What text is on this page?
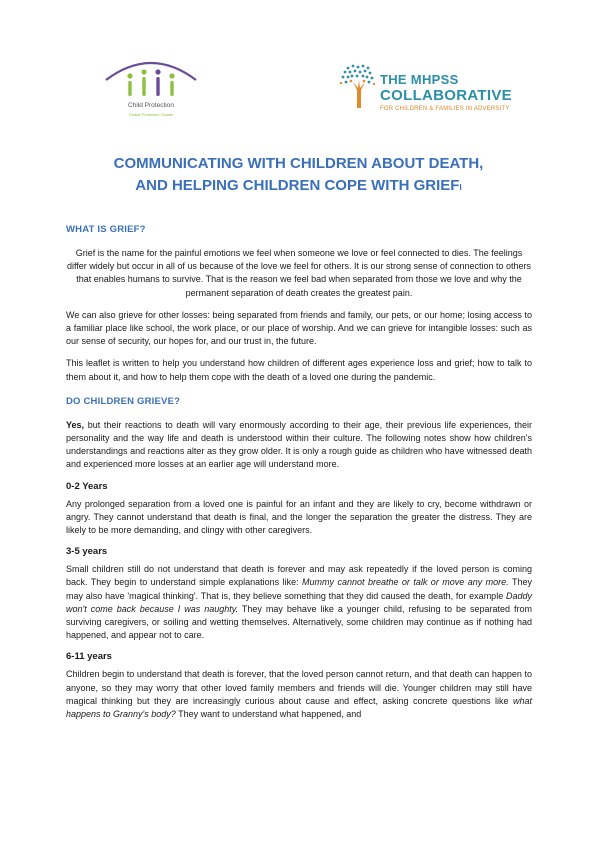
Child Protection
Global Protection Cluster
THE MHPSS
COLLABORATIVE
FOR CHILDREN & FAMILIES IN ADVERSITY
COMMUNICATING WITH CHILDREN ABOUT DEATH,
AND HELPING CHILDREN COPE WITH GRIEFI
WHAT IS GRIEF?

Grief is the name for the painful emotions we feel when someone we love or feel connected to dies. The feelings differ widely but occur in all of us because of the love we feel for others. It is our strong sense of connection to others that enables humans to survive. That is the reason we feel bad when separated from those we love and why the permanent separation of death creates the greatest pain.

We can also grieve for other losses: being separated from friends and family, our pets, or our home; losing access to a familiar place like school, the work place, or our place of worship. And we can grieve for intangible losses: such as our sense of security, our hopes for, and our trust in, the future.

This leaflet is written to help you understand how children of different ages experience loss and grief; how to talk to them about it, and how to help them cope with the death of a loved one during the pandemic.

DO CHILDREN GRIEVE?

Yes, but their reactions to death will vary enormously according to their age, their previous life experiences, their personality and the way life and death is understood within their culture. The following notes show how children's understandings and reactions alter as they grow older. It is only a rough guide as children who have witnessed death and experienced more losses at an earlier age will understand more.

0-2 Years

Any prolonged separation from a loved one is painful for an infant and they are likely to cry, become withdrawn or angry. They cannot understand that death is final, and the longer the separation the greater the distress. They are likely to be more demanding, and clingy with other caregivers.

3-5 years

Small children still do not understand that death is forever and may ask repeatedly if the loved person is coming back. They begin to understand simple explanations like: Mummy cannot breathe or talk or move any more. They may also have 'magical thinking'. That is, they believe something that they did caused the death, for example Daddy won't come back because I was naughty. They may behave like a younger child, refusing to be separated from surviving caregivers, or soiling and wetting themselves. Alternatively, some children may continue as if nothing had happened, and appear not to care.

6-11 years

Children begin to understand that death is forever, that the loved person cannot return, and that death can happen to anyone, so they may worry that other loved family members and friends will die. Younger children may still have magical thinking but they are increasingly curious about cause and effect, asking concrete questions like what happens to Granny's body? They want to understand what happened, and
